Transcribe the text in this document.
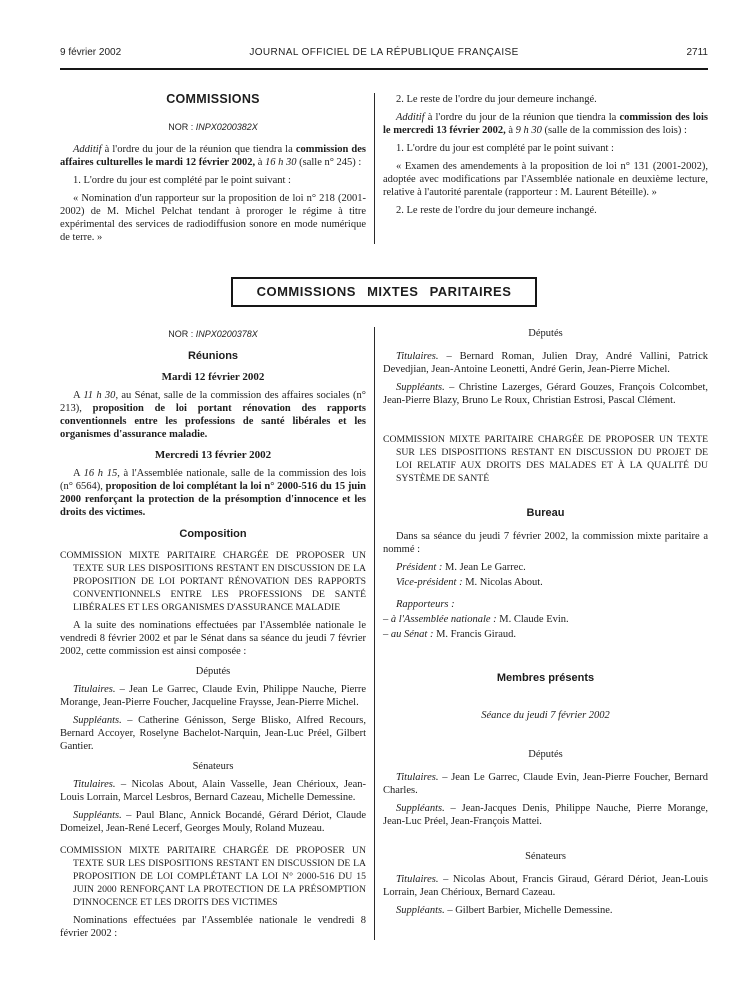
9 février 2002	JOURNAL OFFICIEL DE LA RÉPUBLIQUE FRANÇAISE	2711
COMMISSIONS

NOR : INPX0200382X

Additif à l'ordre du jour de la réunion que tiendra la commission des affaires culturelles le mardi 12 février 2002, à 16 h 30 (salle n° 245) :

1. L'ordre du jour est complété par le point suivant :

« Nomination d'un rapporteur sur la proposition de loi n° 218 (2001-2002) de M. Michel Pelchat tendant à proroger le régime à titre expérimental des services de radiodiffusion sonore en mode numérique de terre. »

2. Le reste de l'ordre du jour demeure inchangé.

Additif à l'ordre du jour de la réunion que tiendra la commission des lois le mercredi 13 février 2002, à 9 h 30 (salle de la commission des lois) :

1. L'ordre du jour est complété par le point suivant :

« Examen des amendements à la proposition de loi n° 131 (2001-2002), adoptée avec modifications par l'Assemblée nationale en deuxième lecture, relative à l'autorité parentale (rapporteur : M. Laurent Béteille). »

2. Le reste de l'ordre du jour demeure inchangé.

COMMISSIONS MIXTES PARITAIRES

NOR : INPX0200378X

Réunions
Mardi 12 février 2002

A 11 h 30, au Sénat, salle de la commission des affaires sociales (n° 213), proposition de loi portant rénovation des rapports conventionnels entre les professions de santé libérales et les organismes d'assurance maladie.

Mercredi 13 février 2002

A 16 h 15, à l'Assemblée nationale, salle de la commission des lois (n° 6564), proposition de loi complétant la loi n° 2000-516 du 15 juin 2000 renforçant la protection de la présomption d'innocence et les droits des victimes.

Composition

COMMISSION MIXTE PARITAIRE CHARGÉE DE PROPOSER UN TEXTE SUR LES DISPOSITIONS RESTANT EN DISCUSSION DE LA PROPOSITION DE LOI PORTANT RÉNOVATION DES RAPPORTS CONVENTIONNELS ENTRE LES PROFESSIONS DE SANTÉ LIBÉRALES ET LES ORGANISMES D'ASSURANCE MALADIE

A la suite des nominations effectuées par l'Assemblée nationale le vendredi 8 février 2002 et par le Sénat dans sa séance du jeudi 7 février 2002, cette commission est ainsi composée :

Députés

Titulaires. – Jean Le Garrec, Claude Evin, Philippe Nauche, Pierre Morange, Jean-Pierre Foucher, Jacqueline Fraysse, Jean-Pierre Michel.

Suppléants. – Catherine Génisson, Serge Blisko, Alfred Recours, Bernard Accoyer, Roselyne Bachelot-Narquin, Jean-Luc Préel, Gilbert Gantier.

Sénateurs

Titulaires. – Nicolas About, Alain Vasselle, Jean Chérioux, Jean-Louis Lorrain, Marcel Lesbros, Bernard Cazeau, Michelle Demessine.

Suppléants. – Paul Blanc, Annick Bocandé, Gérard Dériot, Claude Domeizel, Jean-René Lecerf, Georges Mouly, Roland Muzeau.

COMMISSION MIXTE PARITAIRE CHARGÉE DE PROPOSER UN TEXTE SUR LES DISPOSITIONS RESTANT EN DISCUSSION DE LA PROPOSITION DE LOI COMPLÉTANT LA LOI N° 2000-516 DU 15 JUIN 2000 RENFORÇANT LA PROTECTION DE LA PRÉSOMPTION D'INNOCENCE ET LES DROITS DES VICTIMES

Nominations effectuées par l'Assemblée nationale le vendredi 8 février 2002 :

Députés

Titulaires. – Bernard Roman, Julien Dray, André Vallini, Patrick Devedjian, Jean-Antoine Leonetti, André Gerin, Jean-Pierre Michel.

Suppléants. – Christine Lazerges, Gérard Gouzes, François Colcombet, Jean-Pierre Blazy, Bruno Le Roux, Christian Estrosi, Pascal Clément.

COMMISSION MIXTE PARITAIRE CHARGÉE DE PROPOSER UN TEXTE SUR LES DISPOSITIONS RESTANT EN DISCUSSION DU PROJET DE LOI RELATIF AUX DROITS DES MALADES ET À LA QUALITÉ DU SYSTÈME DE SANTÉ

Bureau

Dans sa séance du jeudi 7 février 2002, la commission mixte paritaire a nommé :

Président : M. Jean Le Garrec.

Vice-président : M. Nicolas About.

Rapporteurs :

– à l'Assemblée nationale : M. Claude Evin.

– au Sénat : M. Francis Giraud.

Membres présents

Séance du jeudi 7 février 2002

Députés

Titulaires. – Jean Le Garrec, Claude Evin, Jean-Pierre Foucher, Bernard Charles.

Suppléants. – Jean-Jacques Denis, Philippe Nauche, Pierre Morange, Jean-Luc Préel, Jean-François Mattei.

Sénateurs

Titulaires. – Nicolas About, Francis Giraud, Gérard Dériot, Jean-Louis Lorrain, Jean Chérioux, Bernard Cazeau.

Suppléants. – Gilbert Barbier, Michelle Demessine.
